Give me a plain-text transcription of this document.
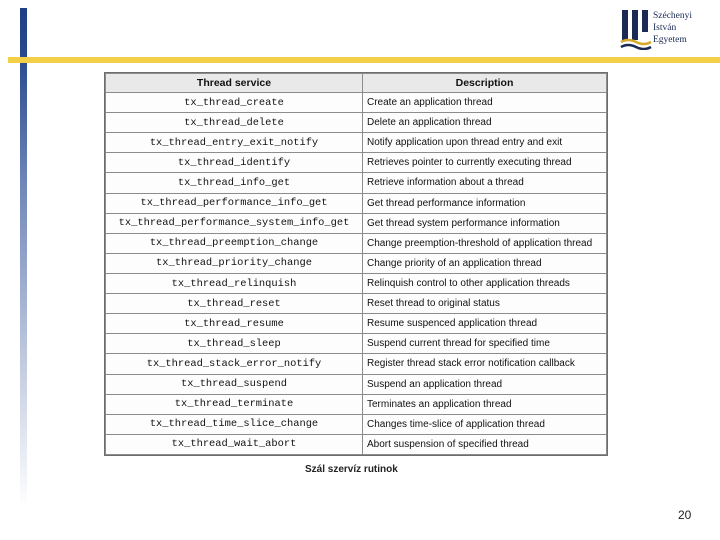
Széchenyi
István
Egyetem
Thread service	Description
tx_thread_create	Create an application thread
tx_thread_delete	Delete an application thread
tx_thread_entry_exit_notify	Notify application upon thread entry and exit
tx_thread_identify	Retrieves pointer to currently executing thread
tx_thread_info_get	Retrieve information about a thread
tx_thread_performance_info_get	Get thread performance information
tx_thread_performance_system_info_get	Get thread system performance information
tx_thread_preemption_change	Change preemption-threshold of application thread
tx_thread_priority_change	Change priority of an application thread
tx_thread_relinquish	Relinquish control to other application threads
tx_thread_reset	Reset thread to original status
tx_thread_resume	Resume suspenced application thread
tx_thread_sleep	Suspend current thread for specified time
tx_thread_stack_error_notify	Register thread stack error notification callback
tx_thread_suspend	Suspend an application thread
tx_thread_terminate	Terminates an application thread
tx_thread_time_slice_change	Changes time-slice of application thread
tx_thread_wait_abort	Abort suspension of specified thread
Szál szervíz rutinok
20
